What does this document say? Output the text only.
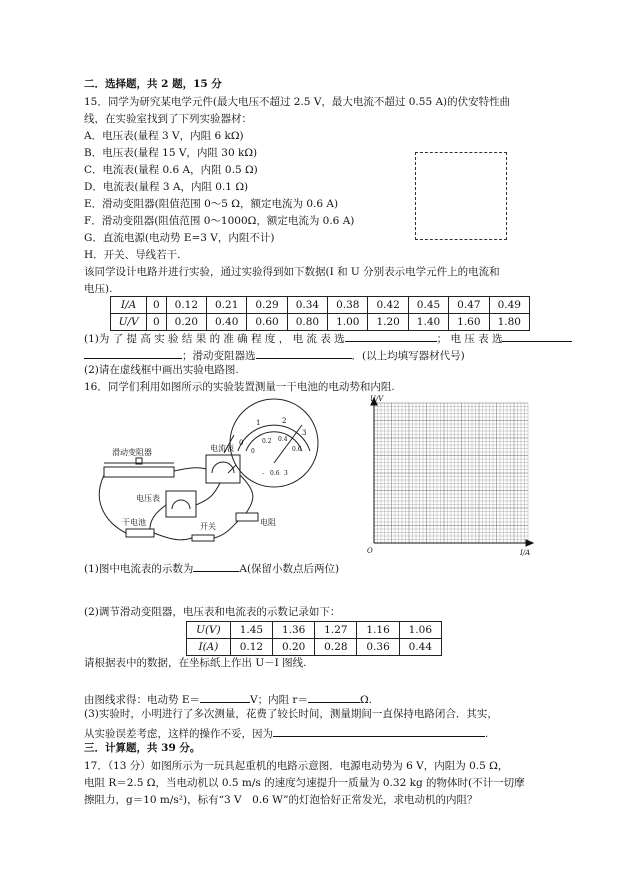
二．选择题，共 2 题，15 分
15．同学为研究某电学元件(最大电压不超过 2.5 V，最大电流不超过 0.55 A)的伏安特性曲
线，在实验室找到了下列实验器材：
A．电压表(量程 3 V，内阻 6 kΩ)
B．电压表(量程 15 V，内阻 30 kΩ)
C．电流表(量程 0.6 A，内阻 0.5 Ω)
D．电流表(量程 3 A，内阻 0.1 Ω)
E．滑动变阻器(阻值范围 0～5 Ω，额定电流为 0.6 A)
F．滑动变阻器(阻值范围 0～1000Ω，额定电流为 0.6 A)
G．直流电源(电动势 E=3 V，内阻不计)
H．开关、导线若干.
该同学设计电路并进行实验，通过实验得到如下数据(I 和 U 分别表示电学元件上的电流和
电压).
I/A	0	0.12	0.21	0.29	0.34	0.38	0.42	0.45	0.47	0.49
U/V	0	0.20	0.40	0.60	0.80	1.00	1.20	1.40	1.60	1.80
(1)为 了 提 高 实 验 结 果 的 准 确 程 度 ， 电 流 表 选	； 电 压 表 选
；滑动变阻器选	．(以上均填写器材代号)
(2)请在虚线框中画出实验电路图.
16．同学们利用如图所示的实验装置测量一干电池的电动势和内阻.
滑动变阻器	电流表
电压表
干电池	开关	电阻
0
1	2
3
0
0.2 0.4
0.6
- 0.6 3
U/V
I/A
O
(1)图中电流表的示数为	A(保留小数点后两位)
(2)调节滑动变阻器，电压表和电流表的示数记录如下：
U(V)	1.45	1.36	1.27	1.16	1.06
I(A)	0.12	0.20	0.28	0.36	0.44
请根据表中的数据，在坐标纸上作出 U－I 图线.
由图线求得：电动势 E＝	V；内阻 r＝	Ω.
(3)实验时，小明进行了多次测量，花费了较长时间，测量期间一直保持电路闭合．其实，
从实验误差考虑，这样的操作不妥，因为	.
三．计算题，共 39 分。
17．（13 分）如图所示为一玩具起重机的电路示意图．电源电动势为 6 V，内阻为 0.5 Ω，
电阻 R＝2.5 Ω，当电动机以 0.5 m/s 的速度匀速提升一质量为 0.32 kg 的物体时(不计一切摩
擦阻力，g＝10 m/s²)，标有“3 V　0.6 W”的灯泡恰好正常发光，求电动机的内阻？
